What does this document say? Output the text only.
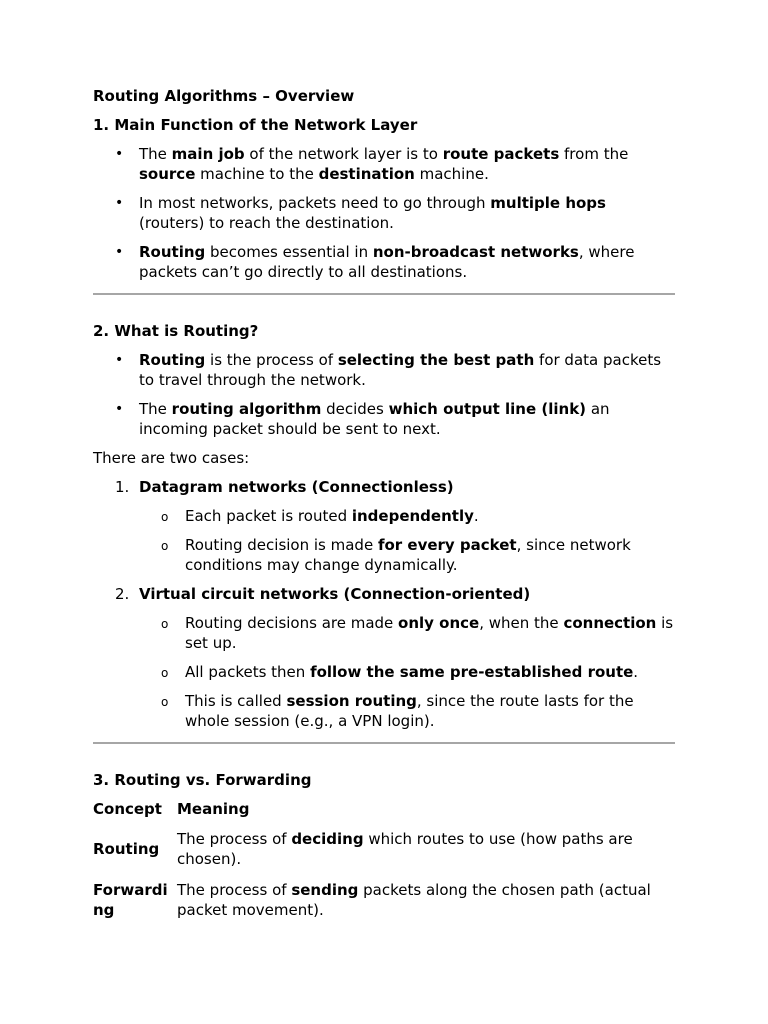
Routing Algorithms – Overview
1. Main Function of the Network Layer
• The main job of the network layer is to route packets from the source machine to the destination machine.
• In most networks, packets need to go through multiple hops (routers) to reach the destination.
• Routing becomes essential in non-broadcast networks, where packets can’t go directly to all destinations.
2. What is Routing?
• Routing is the process of selecting the best path for data packets to travel through the network.
• The routing algorithm decides which output line (link) an incoming packet should be sent to next.

There are two cases:

1. Datagram networks (Connectionless)
o Each packet is routed independently.
o Routing decision is made for every packet, since network conditions may change dynamically.
2. Virtual circuit networks (Connection-oriented)
o Routing decisions are made only once, when the connection is set up.
o All packets then follow the same pre-established route.
o This is called session routing, since the route lasts for the whole session (e.g., a VPN login).
3. Routing vs. Forwarding
Concept	Meaning
Routing	The process of deciding which routes to use (how paths are chosen).
Forwarding	The process of sending packets along the chosen path (actual packet movement).
